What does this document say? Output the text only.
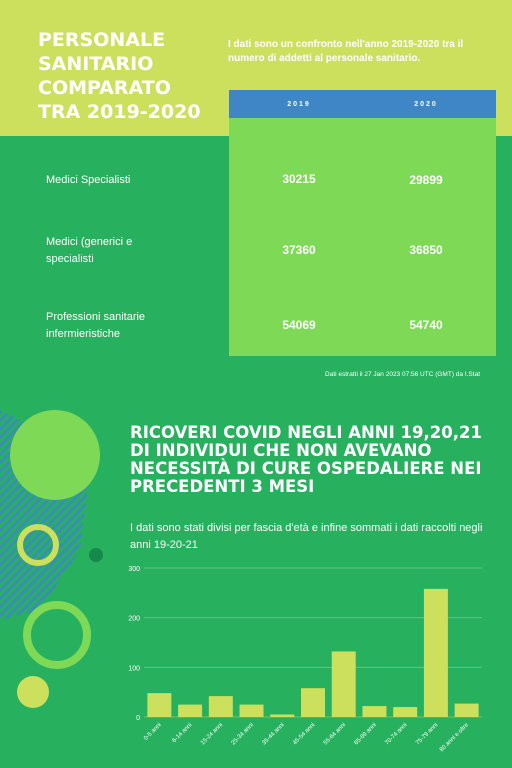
PERSONALE SANITARIO COMPARATO TRA 2019-2020
I dati sono un confronto nell'anno 2019-2020 tra il numero di addetti al personale sanitario.
2019
30215
37360
54069
2020
29899
36850
54740
Medici Specialisti
Medici (generici e specialisti
Professioni sanitarie infermieristiche
Dati estratti il 27 Jan 2023 07:56 UTC (GMT) da I.Stat
RICOVERI COVID NEGLI ANNI 19,20,21 DI INDIVIDUI CHE NON AVEVANO NECESSITÀ DI CURE OSPEDALIERE NEI PRECEDENTI 3 MESI
I dati sono stati divisi per fascia d'età e infine sommati i dati raccolti negli anni 19-20-21
0
100
200
300
0-5 anni 6-14 anni 15-24 anni 25-34 anni 35-44 anni 45-54 anni 55-64 anni 65-69 anni 70-74 anni 75-79 anni 80 anni e oltre
